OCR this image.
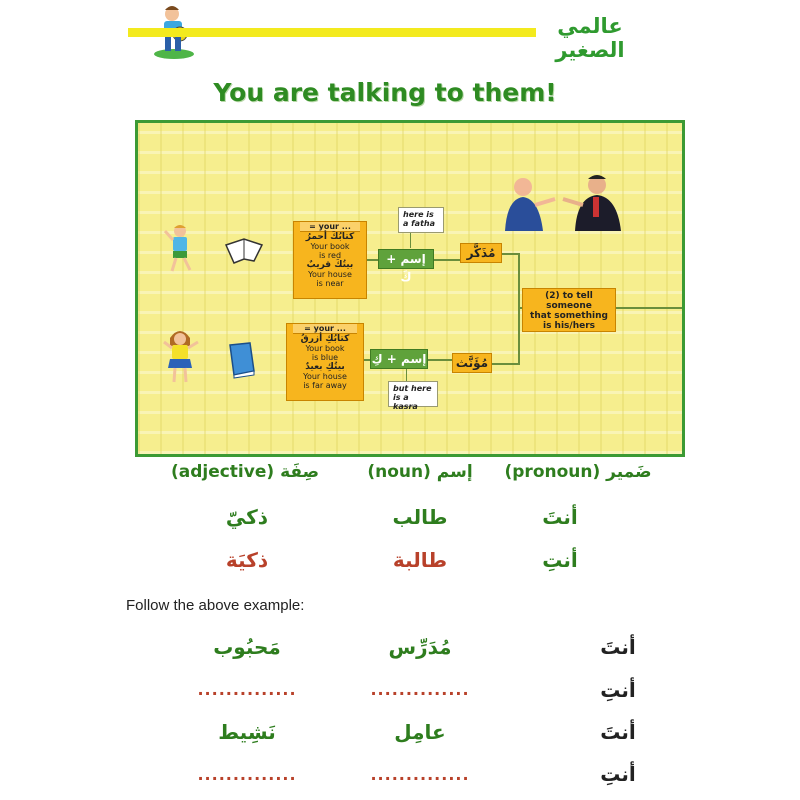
عالمي الصغير
You are talking to them!
= your ...
كتابُكَ أحمرُ
Your book
is red
بيتُكَ قريبٌ
Your house
is near
= your ...
كتابُكِ أزرقُ
Your book
is blue
بيتُكِ بعيدٌ
Your house
is far away
here is
a fatha
but here
is a kasra
إسم + كَ
إسم + كِ
مُذَكَّر
مُؤَنَّث
(2) to tell
someone
that something
is his/hers
صِفَة (adjective)	إسم (noun)	ضَمير (pronoun)
ذكيّ	طالب	أنتَ
ذكيَة	طالبة	أنتِ
Follow the above example:
مَحبُوب	مُدَرِّس	أنتَ
..............	..............	أنتِ
نَشِيط	عامِل	أنتَ
..............	..............	أنتِ
